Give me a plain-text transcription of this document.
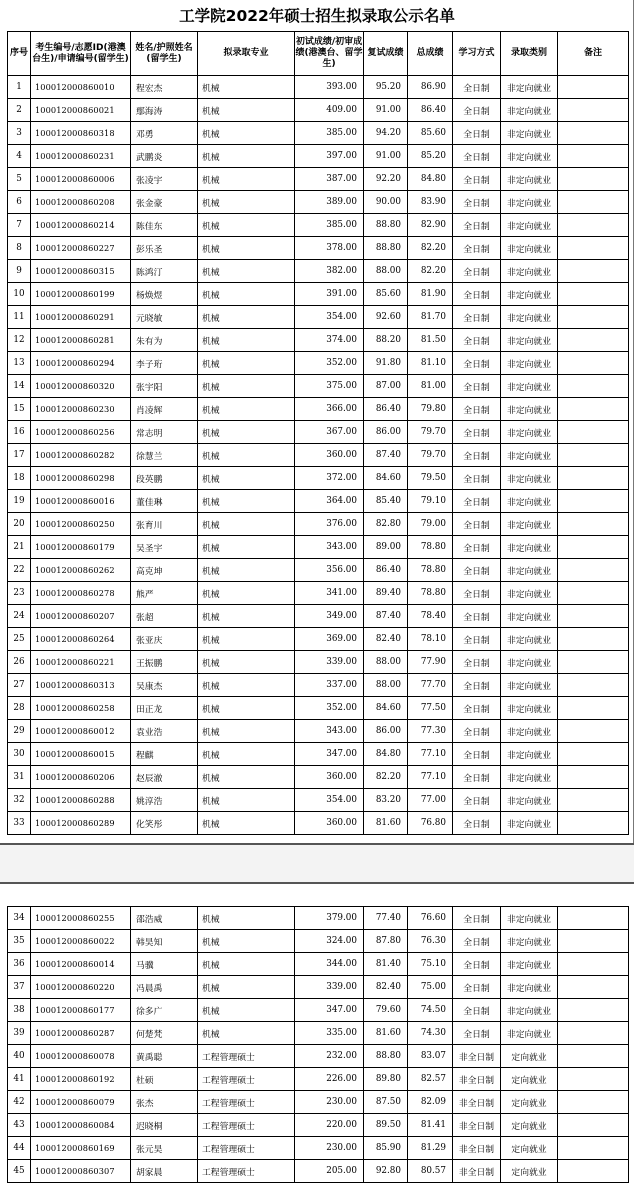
工学院2022年硕士招生拟录取公示名单
序号	考生编号/志愿ID(港澳台生)/申请编号(留学生)	姓名/护照姓名(留学生)	拟录取专业	初试成绩/初审成绩(港澳台、留学生)	复试成绩	总成绩	学习方式	录取类别	备注
1	100012000860010	程宏杰	机械	393.00	95.20	86.90	全日制	非定向就业	
2	100012000860021	鄢海涛	机械	409.00	91.00	86.40	全日制	非定向就业	
3	100012000860318	邓勇	机械	385.00	94.20	85.60	全日制	非定向就业	
4	100012000860231	武鹏炎	机械	397.00	91.00	85.20	全日制	非定向就业	
5	100012000860006	张凌宇	机械	387.00	92.20	84.80	全日制	非定向就业	
6	100012000860208	张金豪	机械	389.00	90.00	83.90	全日制	非定向就业	
7	100012000860214	陈佳东	机械	385.00	88.80	82.90	全日制	非定向就业	
8	100012000860227	彭乐圣	机械	378.00	88.80	82.20	全日制	非定向就业	
9	100012000860315	陈鸿汀	机械	382.00	88.00	82.20	全日制	非定向就业	
10	100012000860199	杨焕煜	机械	391.00	85.60	81.90	全日制	非定向就业	
11	100012000860291	元晓敏	机械	354.00	92.60	81.70	全日制	非定向就业	
12	100012000860281	朱有为	机械	374.00	88.20	81.50	全日制	非定向就业	
13	100012000860294	李子珩	机械	352.00	91.80	81.10	全日制	非定向就业	
14	100012000860320	张宇阳	机械	375.00	87.00	81.00	全日制	非定向就业	
15	100012000860230	肖凌辉	机械	366.00	86.40	79.80	全日制	非定向就业	
16	100012000860256	常志明	机械	367.00	86.00	79.70	全日制	非定向就业	
17	100012000860282	徐慧兰	机械	360.00	87.40	79.70	全日制	非定向就业	
18	100012000860298	段英鹏	机械	372.00	84.60	79.50	全日制	非定向就业	
19	100012000860016	董佳琳	机械	364.00	85.40	79.10	全日制	非定向就业	
20	100012000860250	张育川	机械	376.00	82.80	79.00	全日制	非定向就业	
21	100012000860179	吴圣宇	机械	343.00	89.00	78.80	全日制	非定向就业	
22	100012000860262	高克坤	机械	356.00	86.40	78.80	全日制	非定向就业	
23	100012000860278	熊严	机械	341.00	89.40	78.80	全日制	非定向就业	
24	100012000860207	张超	机械	349.00	87.40	78.40	全日制	非定向就业	
25	100012000860264	张亚庆	机械	369.00	82.40	78.10	全日制	非定向就业	
26	100012000860221	王振鹏	机械	339.00	88.00	77.90	全日制	非定向就业	
27	100012000860313	吴康杰	机械	337.00	88.00	77.70	全日制	非定向就业	
28	100012000860258	田正龙	机械	352.00	84.60	77.50	全日制	非定向就业	
29	100012000860012	袁业浩	机械	343.00	86.00	77.30	全日制	非定向就业	
30	100012000860015	程麒	机械	347.00	84.80	77.10	全日制	非定向就业	
31	100012000860206	赵辰澈	机械	360.00	82.20	77.10	全日制	非定向就业	
32	100012000860288	姚淳浩	机械	354.00	83.20	77.00	全日制	非定向就业	
33	100012000860289	化笑彤	机械	360.00	81.60	76.80	全日制	非定向就业	
34	100012000860255	邵浩威	机械	379.00	77.40	76.60	全日制	非定向就业	
35	100012000860022	韩昊知	机械	324.00	87.80	76.30	全日制	非定向就业	
36	100012000860014	马骥	机械	344.00	81.40	75.10	全日制	非定向就业	
37	100012000860220	冯晨禹	机械	339.00	82.40	75.00	全日制	非定向就业	
38	100012000860177	徐多广	机械	347.00	79.60	74.50	全日制	非定向就业	
39	100012000860287	何楚梵	机械	335.00	81.60	74.30	全日制	非定向就业	
40	100012000860078	黄禹聪	工程管理硕士	232.00	88.80	83.07	非全日制	定向就业	
41	100012000860192	杜硕	工程管理硕士	226.00	89.80	82.57	非全日制	定向就业	
42	100012000860079	张杰	工程管理硕士	230.00	87.50	82.09	非全日制	定向就业	
43	100012000860084	迟晓桐	工程管理硕士	220.00	89.50	81.41	非全日制	定向就业	
44	100012000860169	张元昊	工程管理硕士	230.00	85.90	81.29	非全日制	定向就业	
45	100012000860307	胡家晨	工程管理硕士	205.00	92.80	80.57	非全日制	定向就业	
